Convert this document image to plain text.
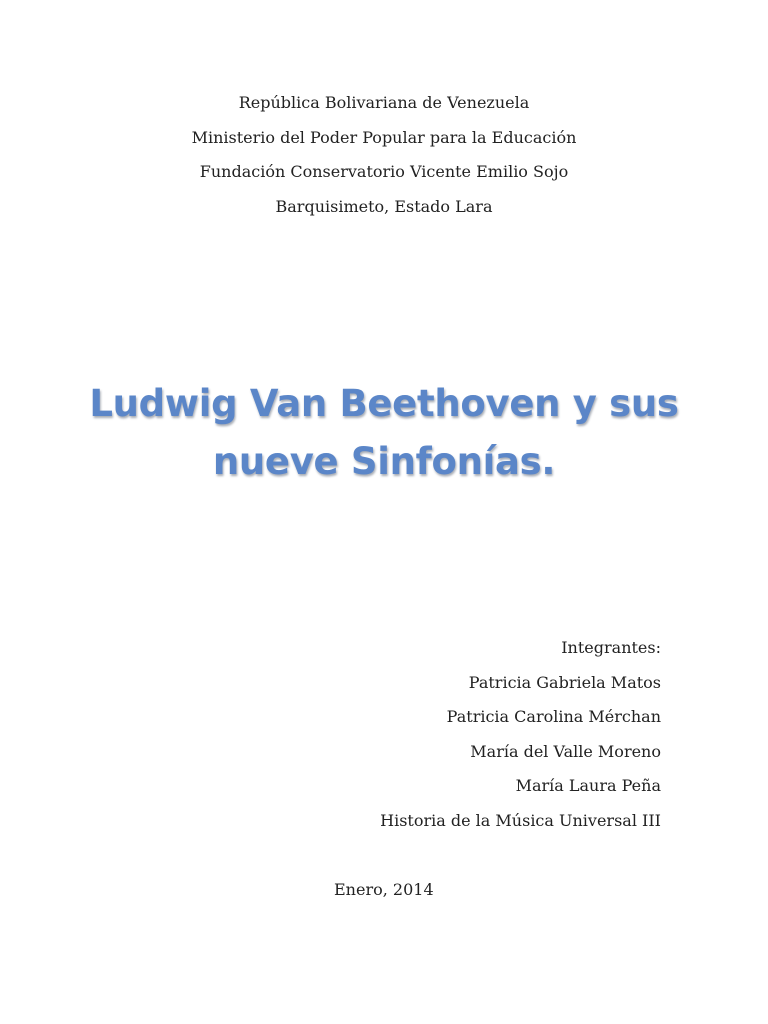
República Bolivariana de Venezuela
Ministerio del Poder Popular para la Educación
Fundación Conservatorio Vicente Emilio Sojo
Barquisimeto, Estado Lara
Ludwig Van Beethoven y sus
nueve Sinfonías.
Integrantes:
Patricia Gabriela Matos
Patricia Carolina Mérchan
María del Valle Moreno
María Laura Peña
Historia de la Música Universal III
Enero, 2014
